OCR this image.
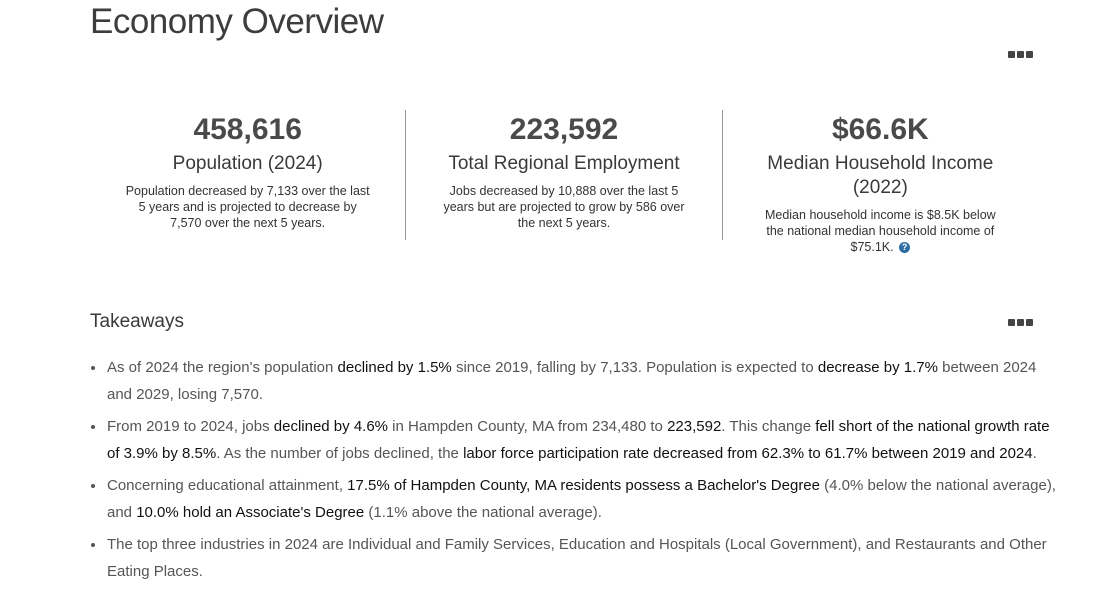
Economy Overview
458,616
Population (2024)
Population decreased by 7,133 over the last 5 years and is projected to decrease by 7,570 over the next 5 years.
223,592
Total Regional Employment
Jobs decreased by 10,888 over the last 5 years but are projected to grow by 586 over the next 5 years.
$66.6K
Median Household Income (2022)
Median household income is $8.5K below the national median household income of $75.1K. ?
Takeaways
As of 2024 the region's population declined by 1.5% since 2019, falling by 7,133. Population is expected to decrease by 1.7% between 2024 and 2029, losing 7,570.
From 2019 to 2024, jobs declined by 4.6% in Hampden County, MA from 234,480 to 223,592. This change fell short of the national growth rate of 3.9% by 8.5%. As the number of jobs declined, the labor force participation rate decreased from 62.3% to 61.7% between 2019 and 2024.
Concerning educational attainment, 17.5% of Hampden County, MA residents possess a Bachelor's Degree (4.0% below the national average), and 10.0% hold an Associate's Degree (1.1% above the national average).
The top three industries in 2024 are Individual and Family Services, Education and Hospitals (Local Government), and Restaurants and Other Eating Places.
